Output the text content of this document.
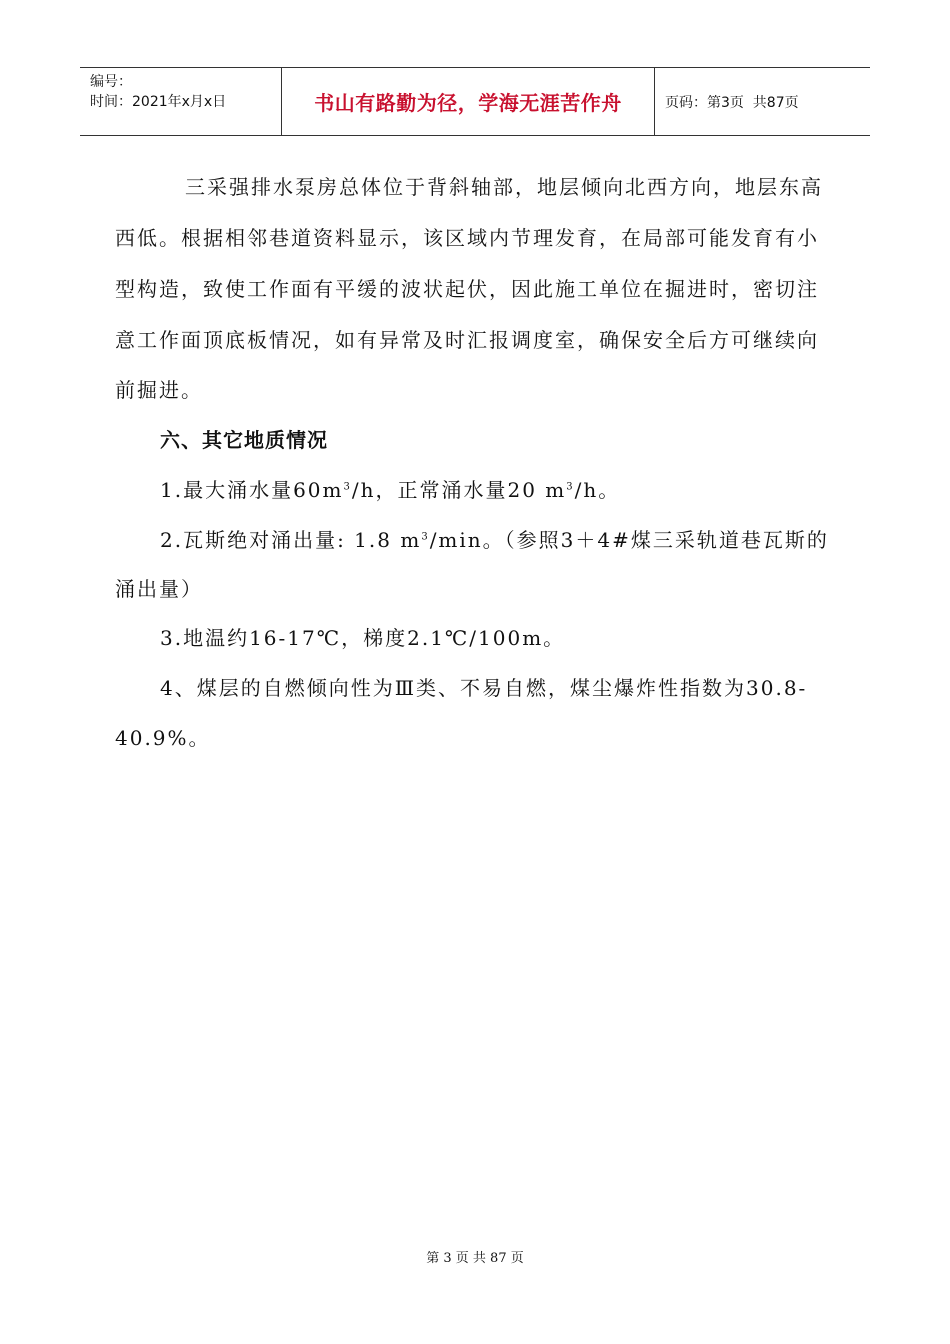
编号：
时间：2021年x月x日	书山有路勤为径，学海无涯苦作舟	页码：第3页  共87页
三采强排水泵房总体位于背斜轴部，地层倾向北西方向，地层东高
西低。根据相邻巷道资料显示，该区域内节理发育，在局部可能发育有小
型构造，致使工作面有平缓的波状起伏，因此施工单位在掘进时，密切注
意工作面顶底板情况，如有异常及时汇报调度室，确保安全后方可继续向
前掘进。
六、其它地质情况
1.最大涌水量$60m^3/h$，正常涌水量20 $m^3/h$。
2.瓦斯绝对涌出量: 1.8 $m^3/\min$。（参照3＋4#煤三采轨道巷瓦斯的
涌出量）
3.地温约16-17℃，梯度2.1℃/100m。
4、煤层的自燃倾向性为Ⅲ类、不易自燃，煤尘爆炸性指数为30.8-
40.9%。
第 3 页 共 87 页
